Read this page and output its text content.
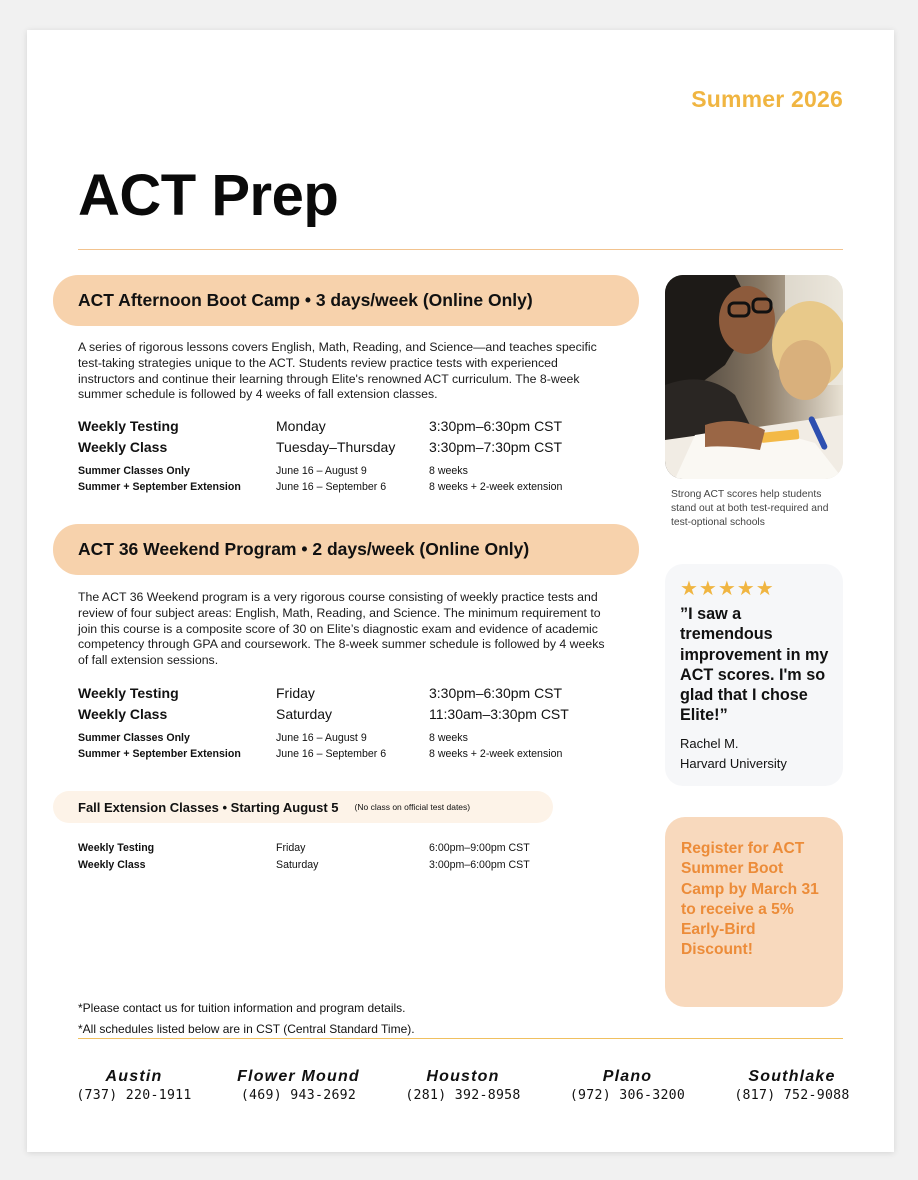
Summer 2026
ACT Prep
ACT Afternoon Boot Camp • 3 days/week (Online Only)
A series of rigorous lessons covers English, Math, Reading, and Science—and teaches specific test-taking strategies unique to the ACT. Students review practice tests with experienced instructors and continue their learning through Elite's renowned ACT curriculum. The 8-week summer schedule is followed by 4 weeks of fall extension classes.
Weekly Testing	Monday	3:30pm–6:30pm CST
Weekly Class	Tuesday–Thursday	3:30pm–7:30pm CST
Summer Classes Only	June 16 – August 9	8 weeks
Summer + September Extension	June 16 – September 6	8 weeks + 2-week extension
ACT 36 Weekend Program • 2 days/week (Online Only)
The ACT 36 Weekend program is a very rigorous course consisting of weekly practice tests and review of four subject areas: English, Math, Reading, and Science. The minimum requirement to join this course is a composite score of 30 on Elite’s diagnostic exam and evidence of academic competency through GPA and coursework. The 8-week summer schedule is followed by 4 weeks of fall extension sessions.
Weekly Testing	Friday	3:30pm–6:30pm CST
Weekly Class	Saturday	11:30am–3:30pm CST
Summer Classes Only	June 16 – August 9	8 weeks
Summer + September Extension	June 16 – September 6	8 weeks + 2-week extension
Fall Extension Classes • Starting August 5 (No class on official test dates)
Weekly Testing	Friday	6:00pm–9:00pm CST
Weekly Class	Saturday	3:00pm–6:00pm CST
Strong ACT scores help students stand out at both test-required and test-optional schools
★★★★★
”I saw a tremendous improvement in my ACT scores. I'm so glad that I chose Elite!”
Rachel M.
Harvard University
Register for ACT Summer Boot Camp by March 31 to receive a 5% Early-Bird Discount!
*Please contact us for tuition information and program details.
*All schedules listed below are in CST (Central Standard Time).
Austin
(737) 220-1911
Flower Mound
(469) 943-2692
Houston
(281) 392-8958
Plano
(972) 306-3200
Southlake
(817) 752-9088
